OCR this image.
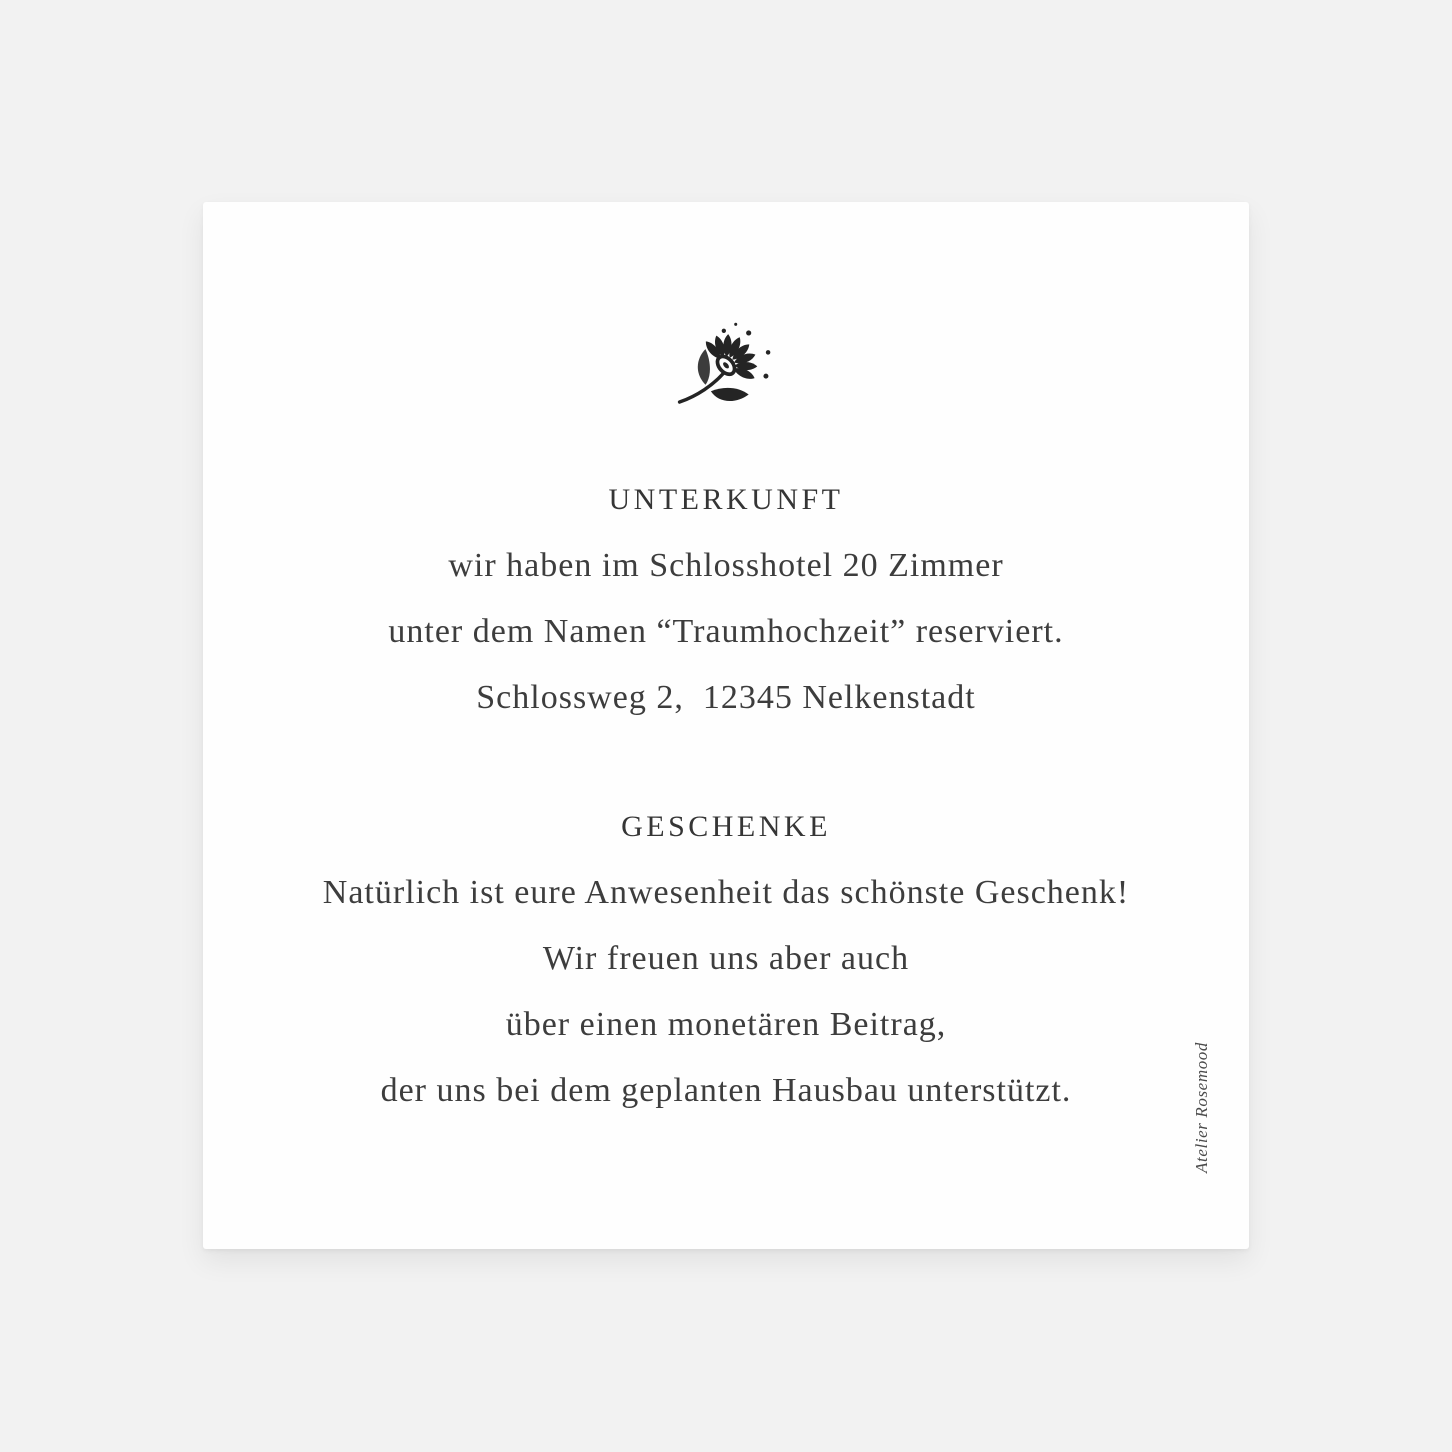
UNTERKUNFT
wir haben im Schlosshotel 20 Zimmer
unter dem Namen “Traumhochzeit” reserviert.
Schlossweg 2,  12345 Nelkenstadt
GESCHENKE
Natürlich ist eure Anwesenheit das schönste Geschenk!
Wir freuen uns aber auch
über einen monetären Beitrag,
der uns bei dem geplanten Hausbau unterstützt.	Atelier Rosemood
